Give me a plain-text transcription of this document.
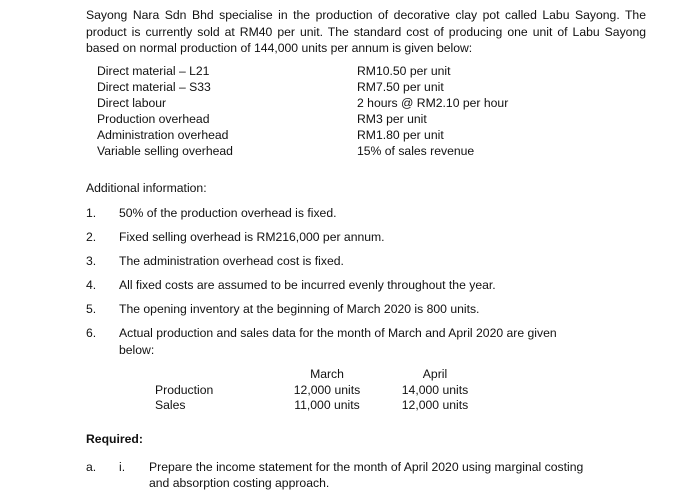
Sayong Nara Sdn Bhd specialise in the production of decorative clay pot called Labu Sayong. The product is currently sold at RM40 per unit. The standard cost of producing one unit of Labu Sayong based on normal production of 144,000 units per annum is given below:
Direct material – L21	RM10.50 per unit
Direct material – S33	RM7.50 per unit
Direct labour	2 hours @ RM2.10 per hour
Production overhead	RM3 per unit
Administration overhead	RM1.80 per unit
Variable selling overhead	15% of sales revenue
Additional information:
1.	50% of the production overhead is fixed.
2.	Fixed selling overhead is RM216,000 per annum.
3.	The administration overhead cost is fixed.
4.	All fixed costs are assumed to be incurred evenly throughout the year.
5.	The opening inventory at the beginning of March 2020 is 800 units.
6.	Actual production and sales data for the month of March and April 2020 are given
below:
	March	April
Production	12,000 units	14,000 units
Sales	11,000 units	12,000 units
Required:
a.	i.	Prepare the income statement for the month of April 2020 using marginal costing and absorption costing approach.
